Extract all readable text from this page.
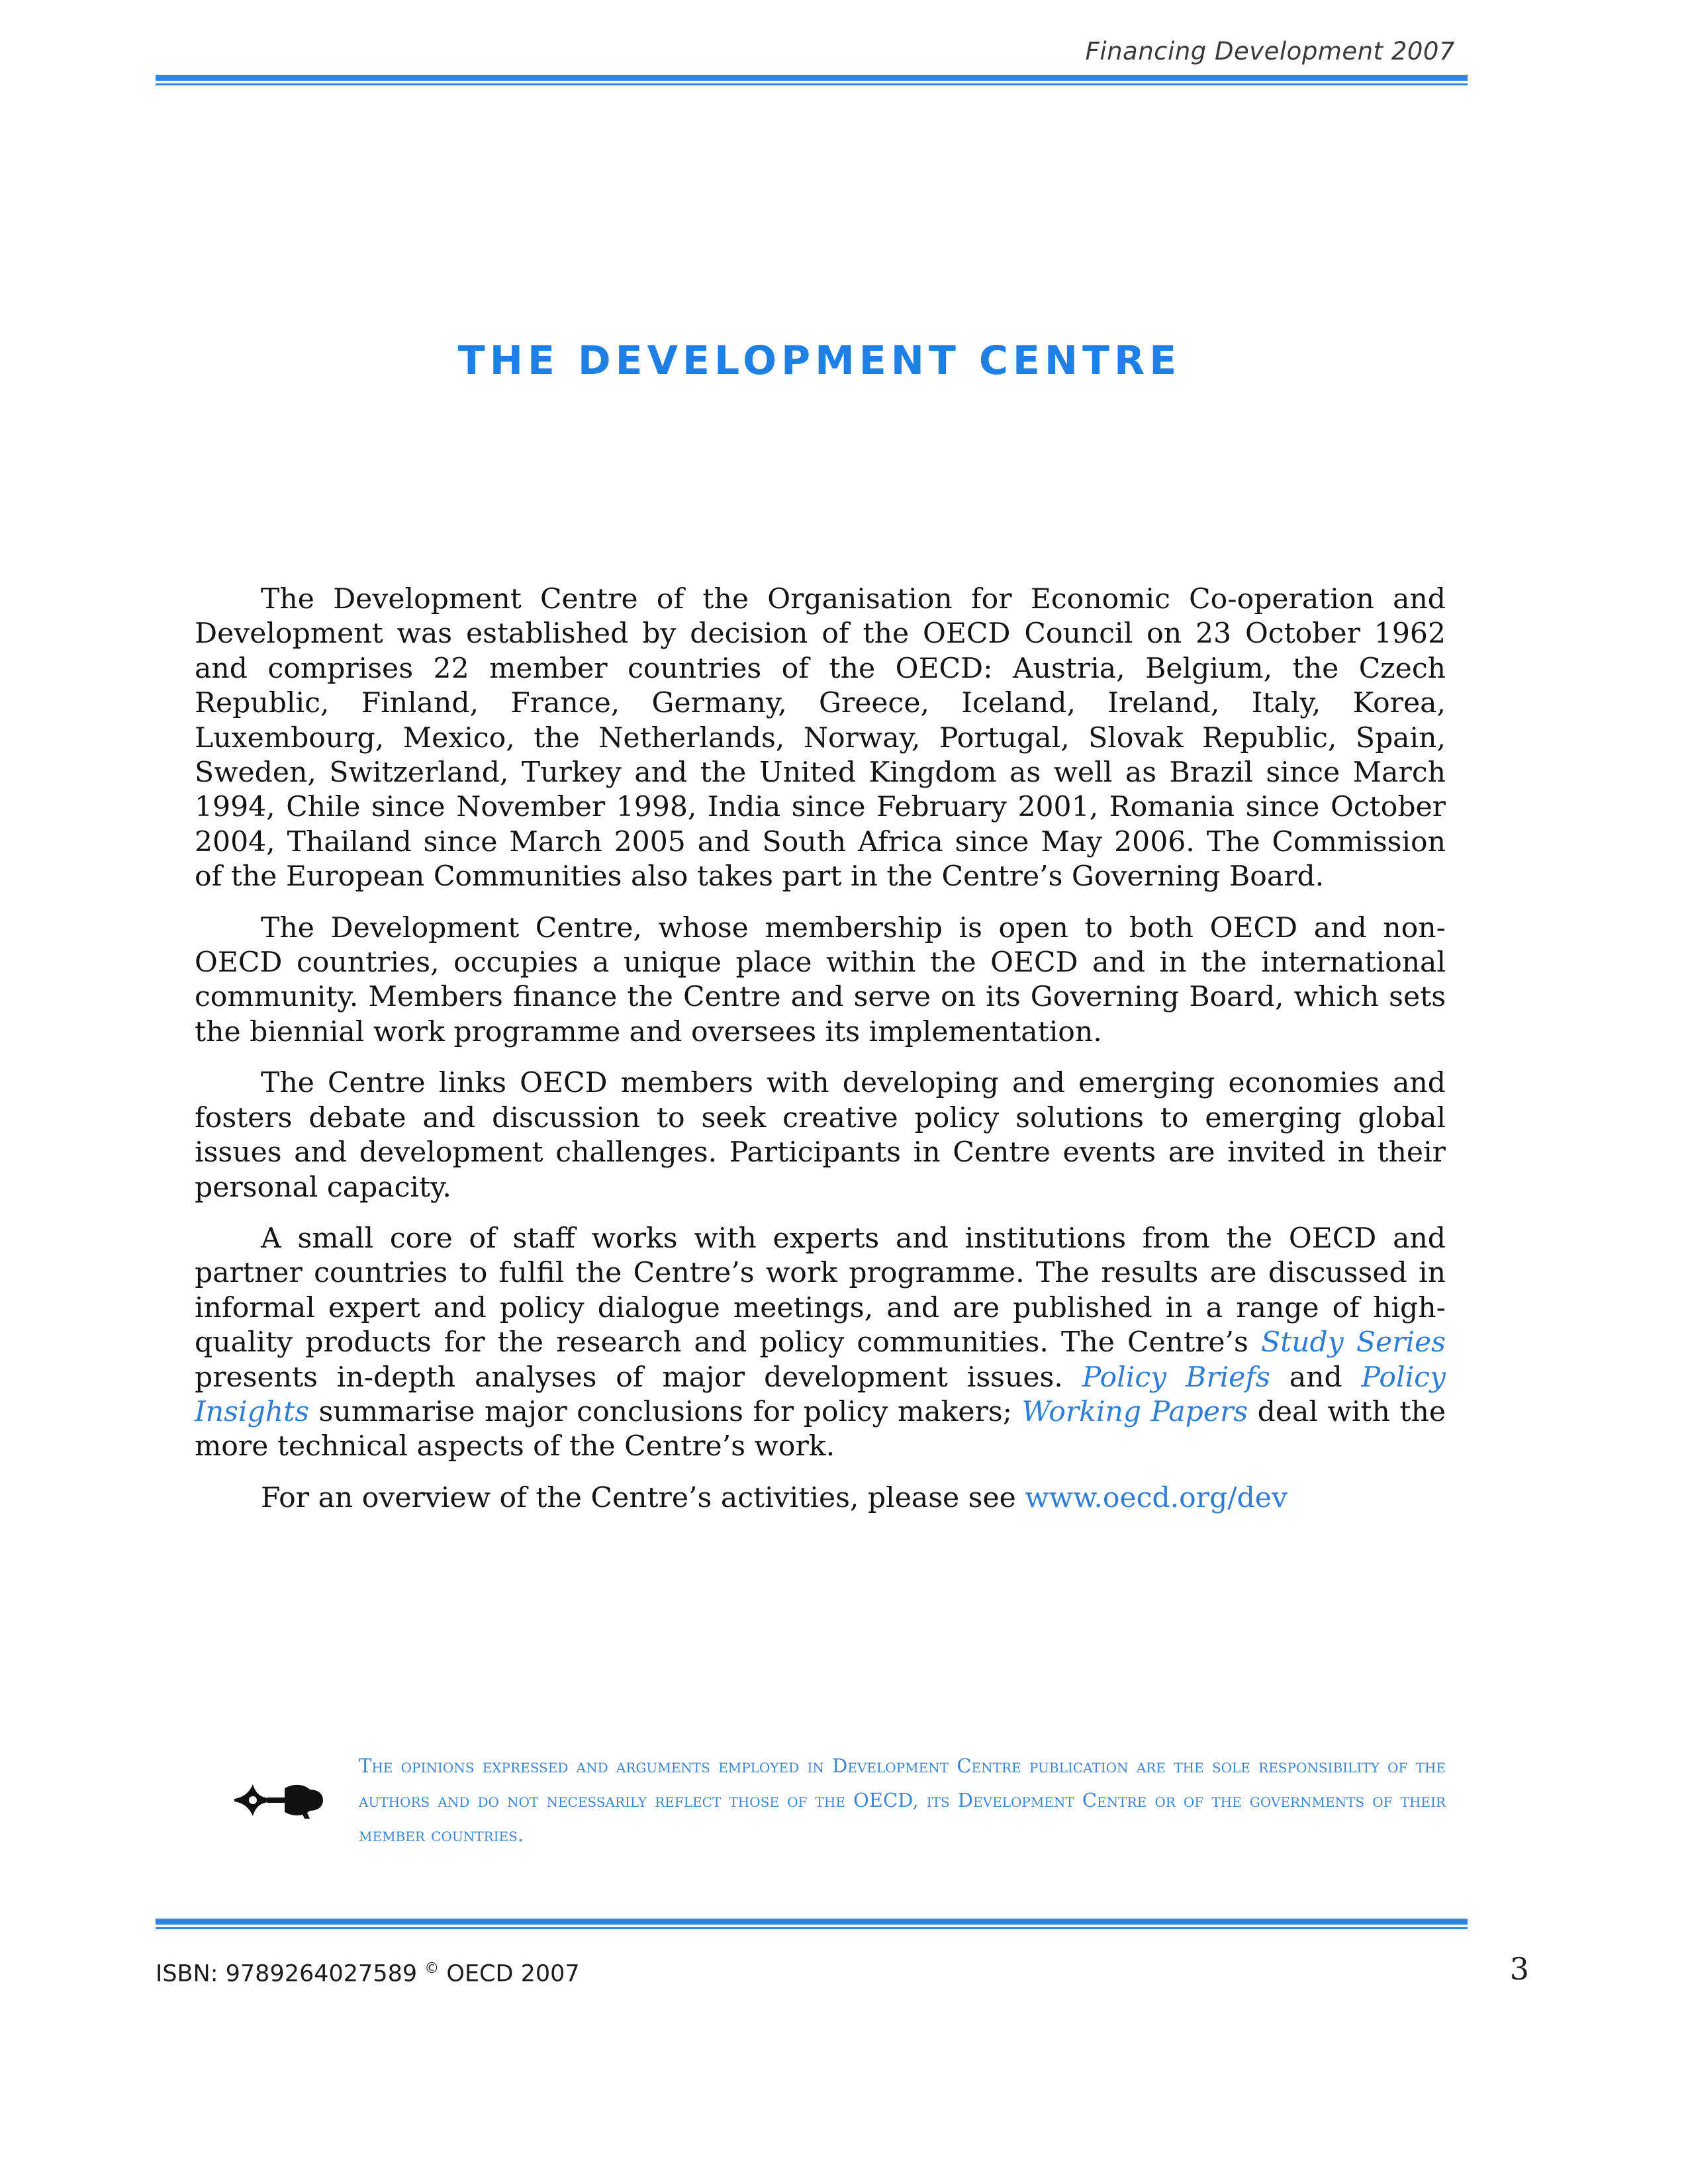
Financing Development 2007
THE DEVELOPMENT CENTRE

The Development Centre of the Organisation for Economic Co-operation and Development was established by decision of the OECD Council on 23 October 1962 and comprises 22 member countries of the OECD: Austria, Belgium, the Czech Republic, Finland, France, Germany, Greece, Iceland, Ireland, Italy, Korea, Luxembourg, Mexico, the Netherlands, Norway, Portugal, Slovak Republic, Spain, Sweden, Switzerland, Turkey and the United Kingdom as well as Brazil since March 1994, Chile since November 1998, India since February 2001, Romania since October 2004, Thailand since March 2005 and South Africa since May 2006. The Commission of the European Communities also takes part in the Centre’s Governing Board.

The Development Centre, whose membership is open to both OECD and non-OECD countries, occupies a unique place within the OECD and in the international community. Members finance the Centre and serve on its Governing Board, which sets the biennial work programme and oversees its implementation.

The Centre links OECD members with developing and emerging economies and fosters debate and discussion to seek creative policy solutions to emerging global issues and development challenges. Participants in Centre events are invited in their personal capacity.

A small core of staff works with experts and institutions from the OECD and partner countries to fulfil the Centre’s work programme. The results are discussed in informal expert and policy dialogue meetings, and are published in a range of high-quality products for the research and policy communities. The Centre’s Study Series presents in-depth analyses of major development issues. Policy Briefs and Policy Insights summarise major conclusions for policy makers; Working Papers deal with the more technical aspects of the Centre’s work.

For an overview of the Centre’s activities, please see www.oecd.org/dev

The opinions expressed and arguments employed in Development Centre publication are the sole responsibility of the authors and do not necessarily reflect those of the OECD, its Development Centre or of the governments of their member countries.
ISBN: 9789264027589 © OECD 2007	3
